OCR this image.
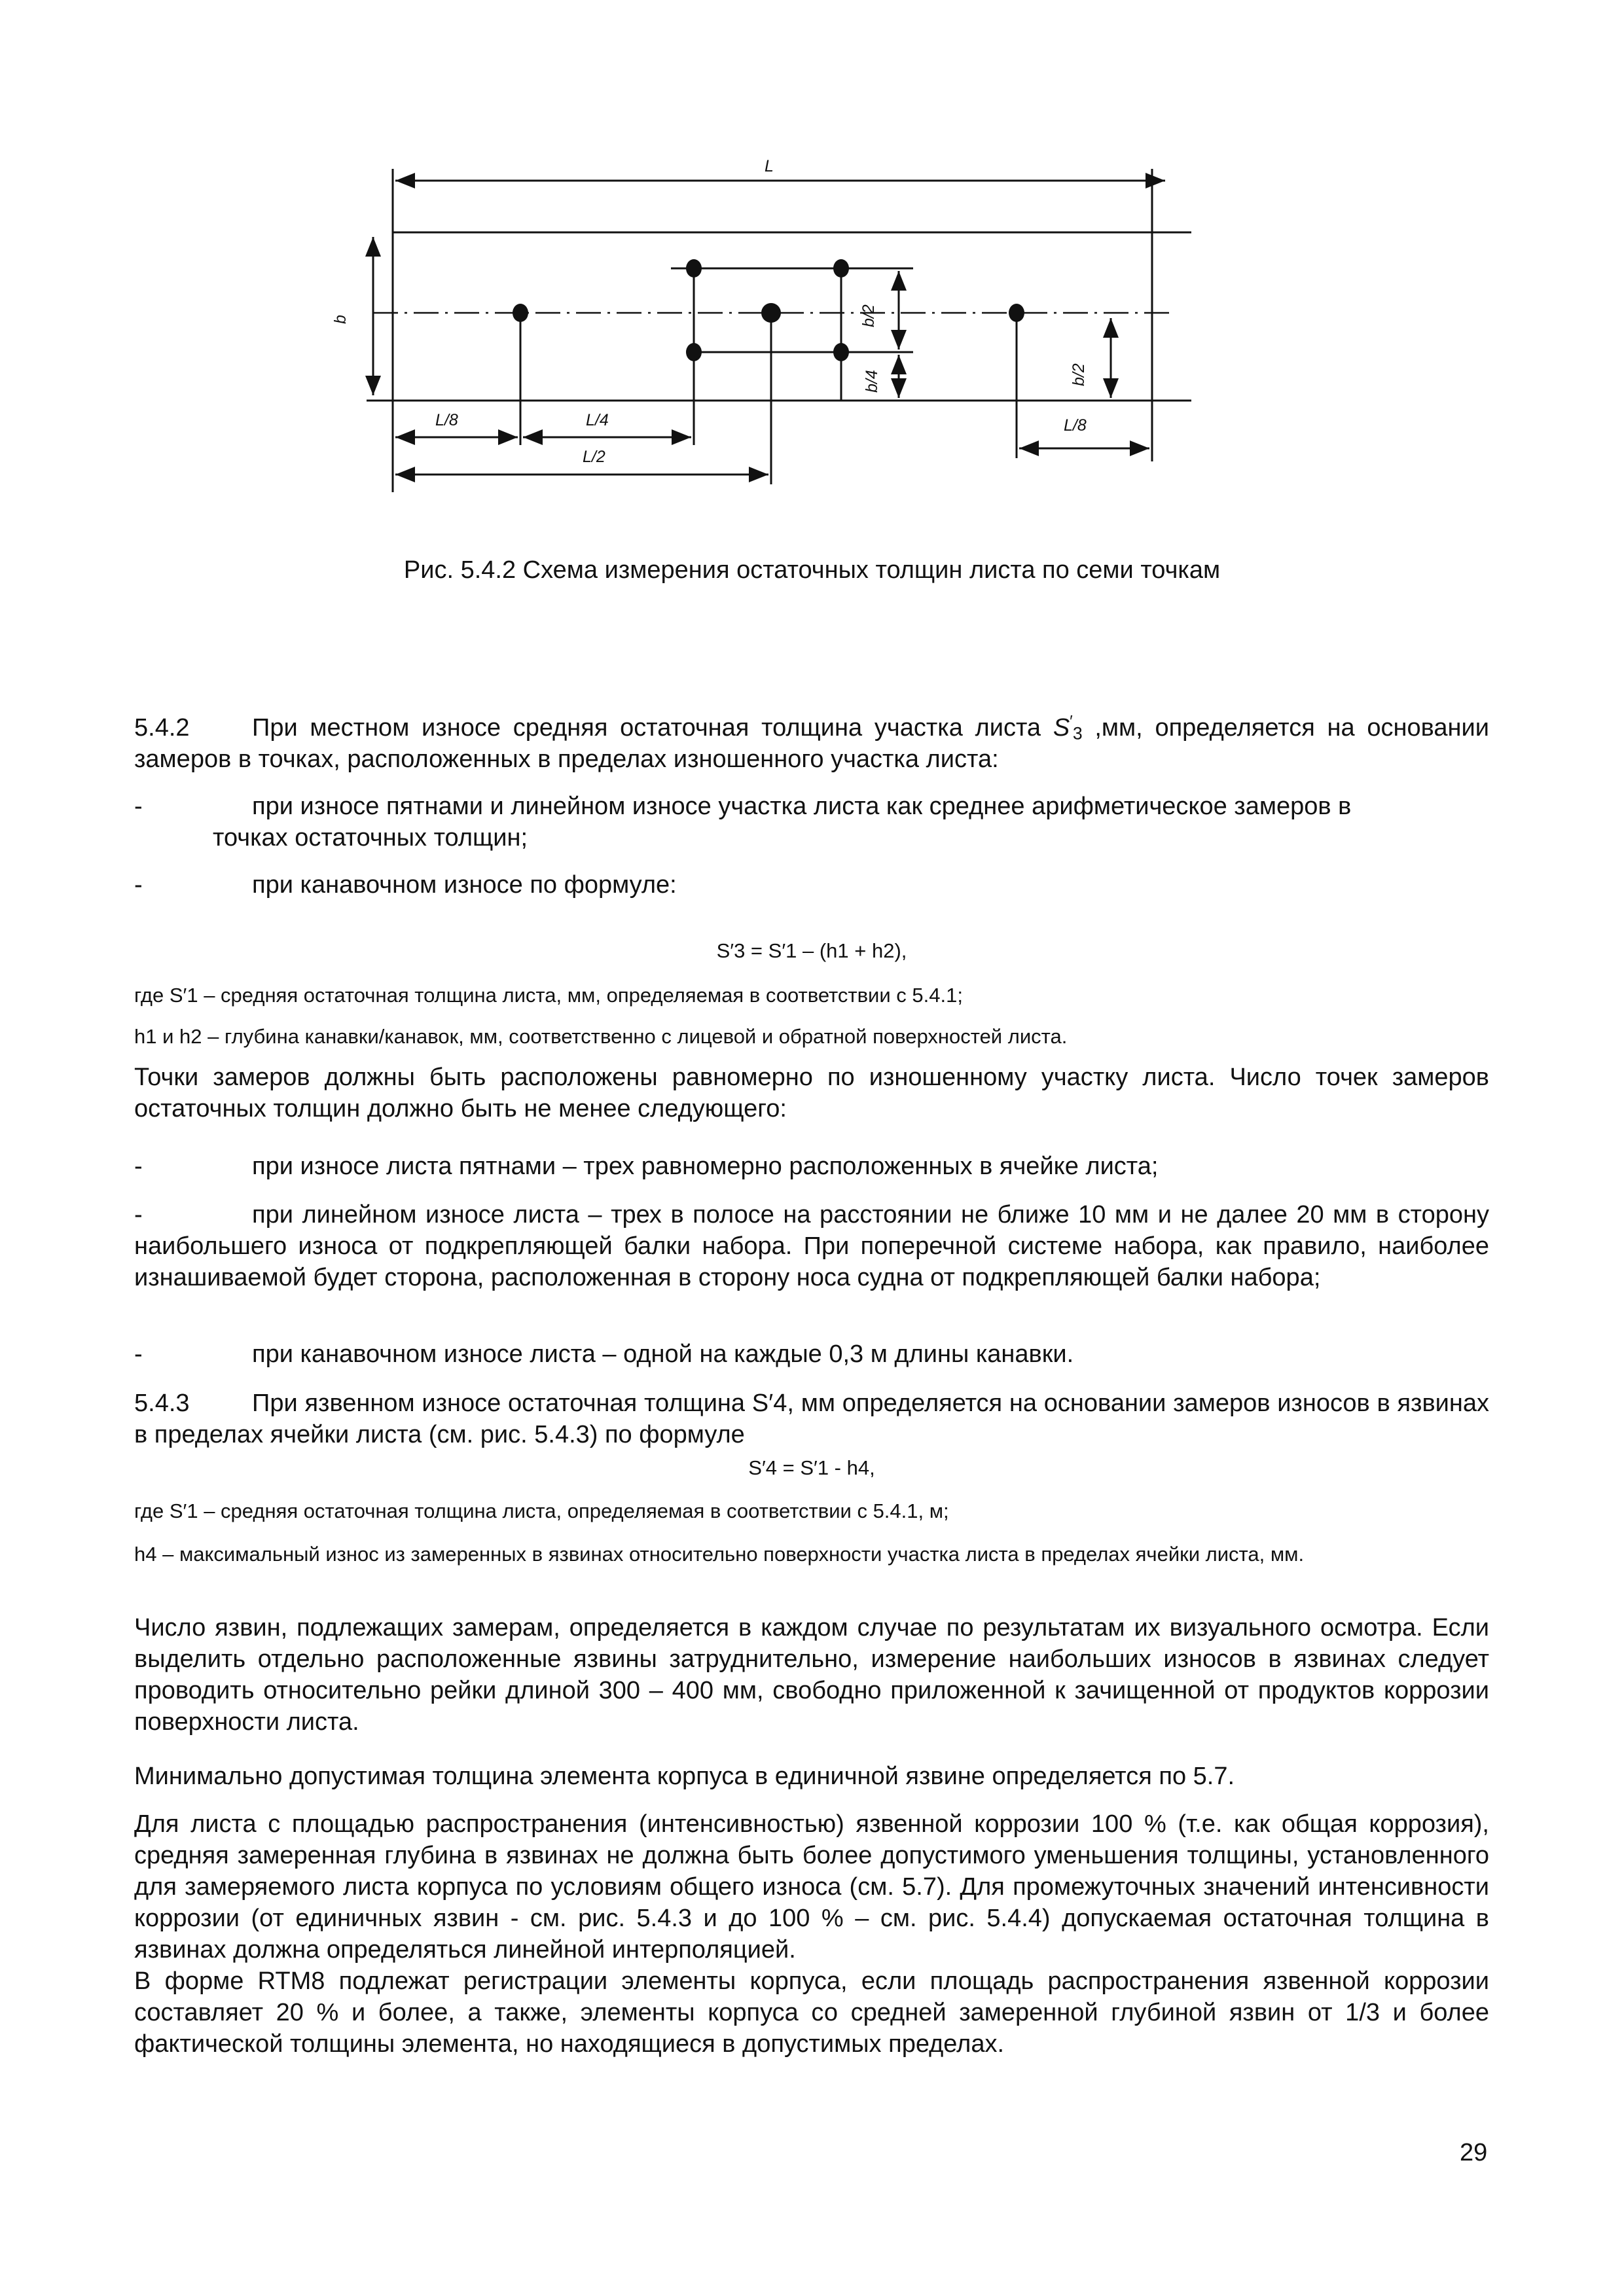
L
b	b/2
b/4	b/2
L/8	L/4
L/2
L/8
Рис. 5.4.2 Схема измерения остаточных толщин листа по семи точкам

5.4.2	При местном износе средняя остаточная толщина участка листа $S'_3$ ,мм, определяется на основании замеров в точках, расположенных в пределах изношенного участка листа:

-	при износе пятнами и линейном износе участка листа как среднее арифметическое замеров в
точках остаточных толщин;

-	при канавочном износе по формуле:

S′3 = S′1 – (h1 + h2),

где S′1 – средняя остаточная толщина листа, мм, определяемая в соответствии с 5.4.1;

h1 и h2 – глубина канавки/канавок, мм, соответственно с лицевой и обратной поверхностей листа.

Точки замеров должны быть расположены равномерно по изношенному участку листа. Число точек замеров остаточных толщин должно быть не менее следующего:

-	при износе листа пятнами – трех равномерно расположенных в ячейке листа;

-	при линейном износе листа – трех в полосе на расстоянии не ближе 10 мм и не далее 20 мм в сторону наибольшего износа от подкрепляющей балки набора. При поперечной системе набора, как правило, наиболее изнашиваемой будет сторона, расположенная в сторону носа судна от подкрепляющей балки набора;

-	при канавочном износе листа – одной на каждые 0,3 м длины канавки.

5.4.3	При язвенном износе остаточная толщина S′4, мм определяется на основании замеров износов в язвинах в пределах ячейки листа (см. рис. 5.4.3) по формуле

S′4 = S′1 - h4,

где S′1 – средняя остаточная толщина листа, определяемая в соответствии с 5.4.1, м;

h4 – максимальный износ из замеренных в язвинах относительно поверхности участка листа в пределах ячейки листа, мм.

Число язвин, подлежащих замерам, определяется в каждом случае по результатам их визуального осмотра. Если выделить отдельно расположенные язвины затруднительно, измерение наибольших износов в язвинах следует проводить относительно рейки длиной 300 – 400 мм, свободно приложенной к зачищенной от продуктов коррозии поверхности листа.

Минимально допустимая толщина элемента корпуса в единичной язвине определяется по 5.7.

Для листа с площадью распространения (интенсивностью) язвенной коррозии 100 % (т.е. как общая коррозия), средняя замеренная глубина в язвинах не должна быть более допустимого уменьшения толщины, установленного для замеряемого листа корпуса по условиям общего износа (см. 5.7). Для промежуточных значений интенсивности коррозии (от единичных язвин - см. рис. 5.4.3 и до 100 % – см. рис. 5.4.4) допускаемая остаточная толщина в язвинах должна определяться линейной интерполяцией.

В форме RTM8 подлежат регистрации элементы корпуса, если площадь распространения язвенной коррозии составляет 20 % и более, а также, элементы корпуса со средней замеренной глубиной язвин от 1/3 и более фактической толщины элемента, но находящиеся в допустимых пределах.

29
